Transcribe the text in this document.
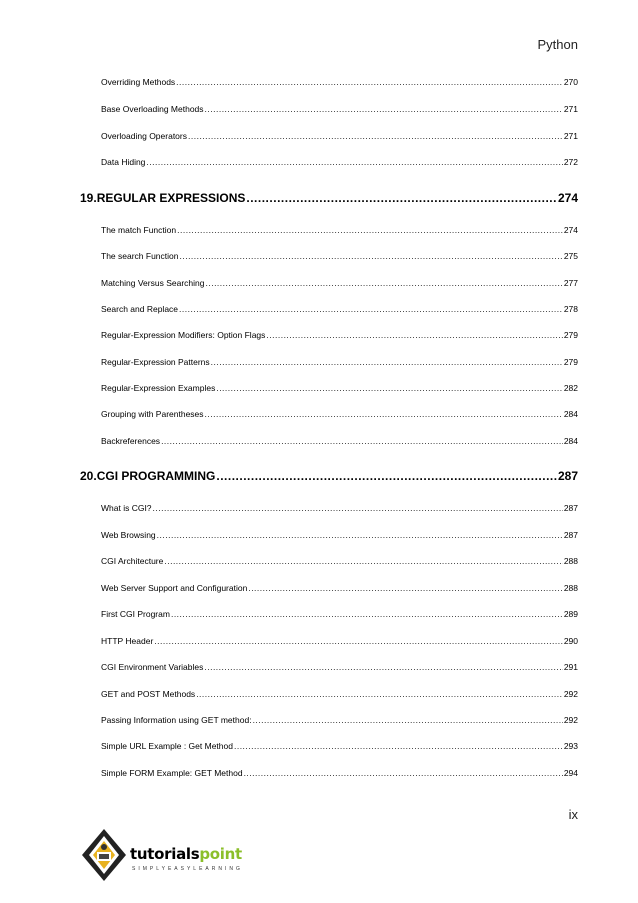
Python
Overriding Methods .....	270
Base Overloading Methods .....	271
Overloading Operators .....	271
Data Hiding .....	272
19. REGULAR EXPRESSIONS .....	274
The match Function .....	274
The search Function .....	275
Matching Versus Searching .....	277
Search and Replace .....	278
Regular-Expression Modifiers: Option Flags .....	279
Regular-Expression Patterns .....	279
Regular-Expression Examples .....	282
Grouping with Parentheses .....	284
Backreferences .....	284
20. CGI PROGRAMMING .....	287
What is CGI? .....	287
Web Browsing .....	287
CGI Architecture .....	288
Web Server Support and Configuration .....	288
First CGI Program .....	289
HTTP Header .....	290
CGI Environment Variables .....	291
GET and POST Methods .....	292
Passing Information using GET method: .....	292
Simple URL Example : Get Method .....	293
Simple FORM Example: GET Method .....	294
ix
tutorialspoint
SIMPLYEASYLEARNING
